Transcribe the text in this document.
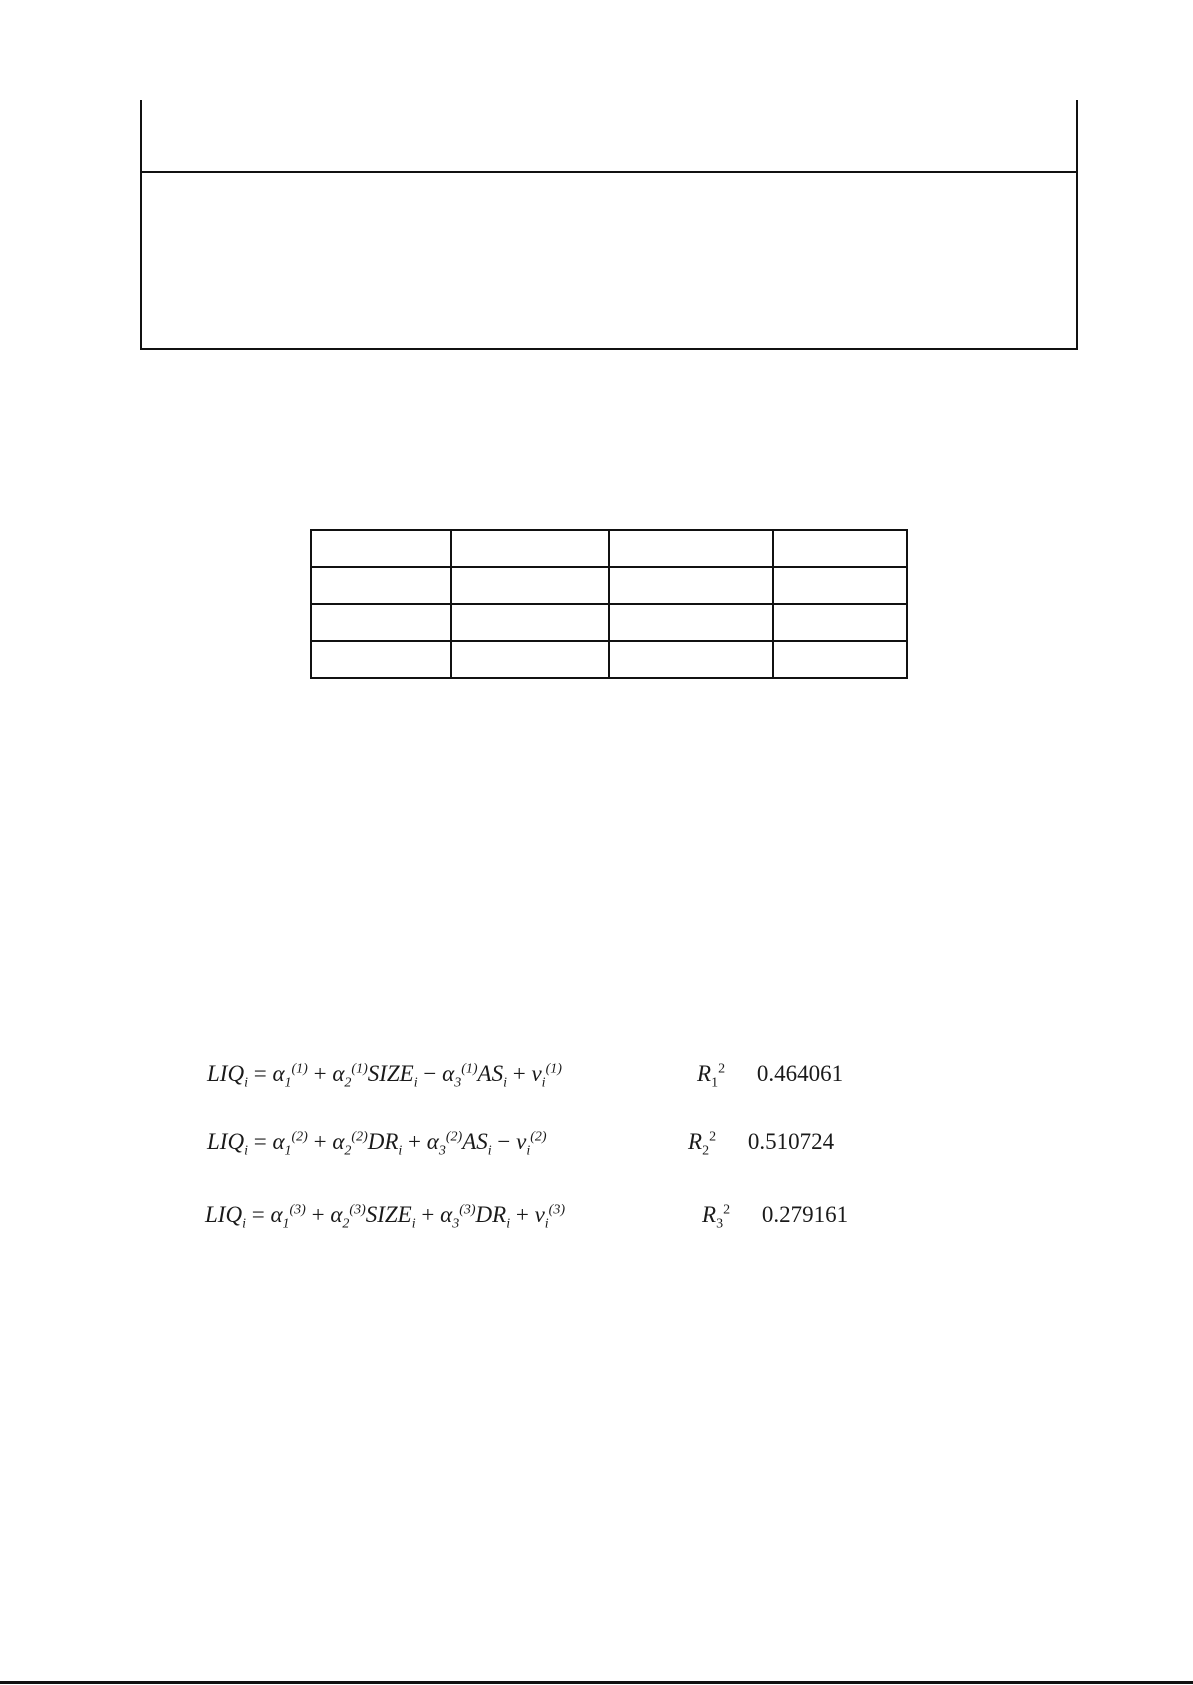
$LIQ_i = \alpha_1^{(1)}$ + $\alpha_2^{(1)}SIZE_i - \alpha_3^{(1)}AS_i + v_i^{(1)}$	$R_1^2$ 0.464061
$LIQ_i = \alpha_1^{(2)} + \alpha_2^{(2)}DR_i + \alpha_3^{(2)}AS_i - v_i^{(2)}$	$R_2^2$ 0.510724
$LIQ_i = \alpha_1^{(3)}$ + $\alpha_2^{(3)}SIZE_i + \alpha_3^{(3)}DR_i + v_i^{(3)}$	$R_3^2$ 0.279161
